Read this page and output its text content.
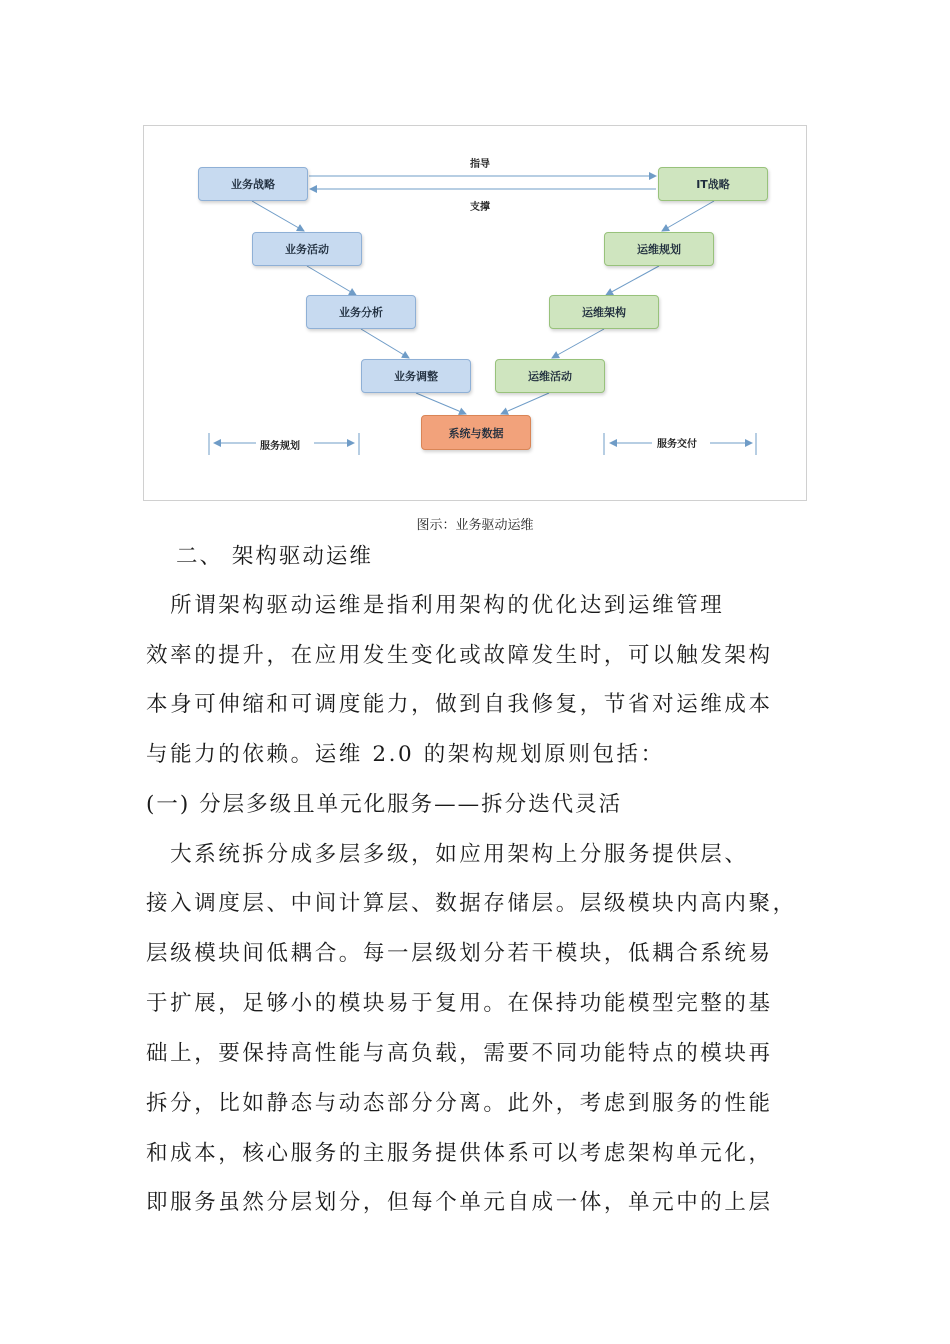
业务战略	IT战略
业务活动	运维规划
业务分析	运维架构
业务调整	运维活动
系统与数据
指导
支撑
服务规划	服务交付
图示：业务驱动运维
二、 架构驱动运维
　所谓架构驱动运维是指利用架构的优化达到运维管理
效率的提升，在应用发生变化或故障发生时，可以触发架构
本身可伸缩和可调度能力，做到自我修复，节省对运维成本
与能力的依赖。运维 2.0 的架构规划原则包括：
(一) 分层多级且单元化服务——拆分迭代灵活
　大系统拆分成多层多级，如应用架构上分服务提供层、
接入调度层、中间计算层、数据存储层。层级模块内高内聚，
层级模块间低耦合。每一层级划分若干模块，低耦合系统易
于扩展，足够小的模块易于复用。在保持功能模型完整的基
础上，要保持高性能与高负载，需要不同功能特点的模块再
拆分，比如静态与动态部分分离。此外，考虑到服务的性能
和成本，核心服务的主服务提供体系可以考虑架构单元化，
即服务虽然分层划分，但每个单元自成一体，单元中的上层
